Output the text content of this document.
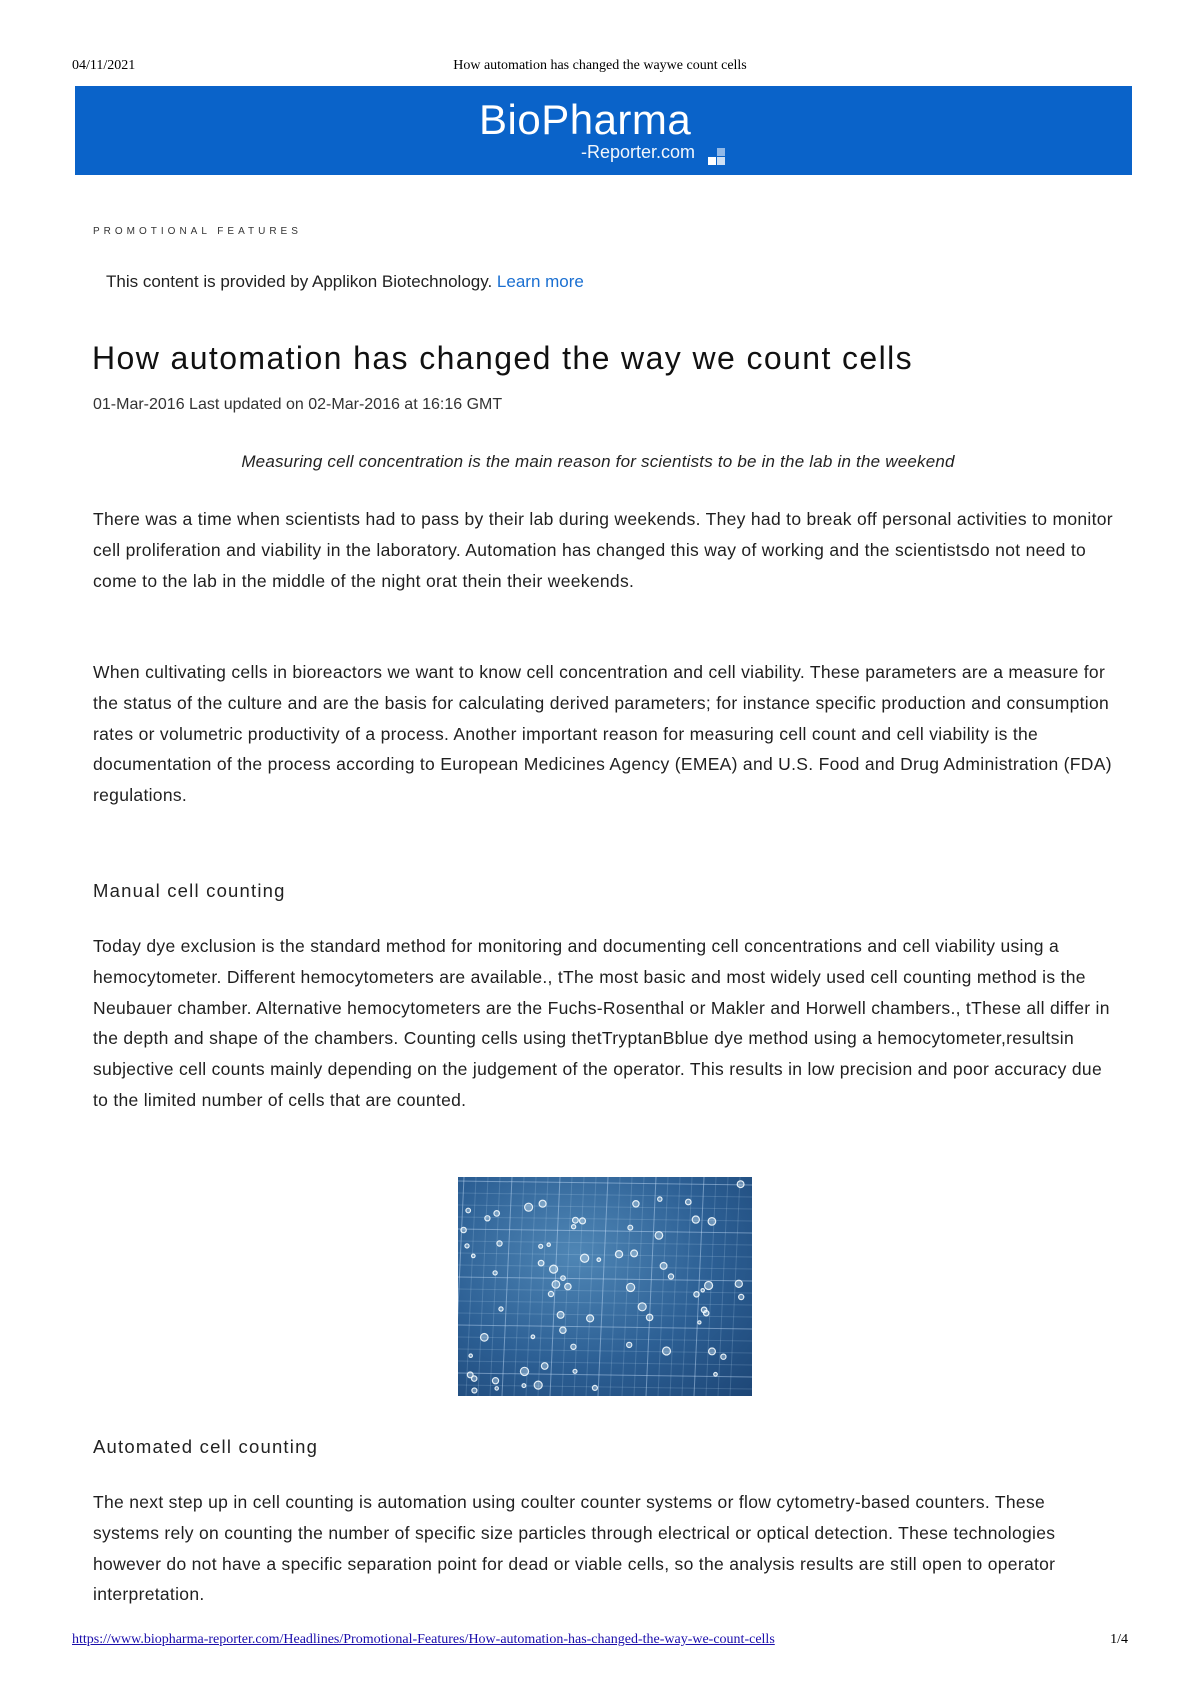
04/11/2021	How automation has changed the waywe count cells
BioPharma
-Reporter.com
PROMOTIONAL FEATURES
This content is provided by Applikon Biotechnology. Learn more
How automation has changed the way we count cells
01-Mar-2016 Last updated on 02-Mar-2016 at 16:16 GMT
Measuring cell concentration is the main reason for scientists to be in the lab in the weekend

There was a time when scientists had to pass by their lab during weekends. They had to break off personal activities to monitor cell proliferation and viability in the laboratory. Automation has changed this way of working and the scientistsdo not need to come to the lab in the middle of the night orat thein their weekends.

When cultivating cells in bioreactors we want to know cell concentration and cell viability. These parameters are a measure for the status of the culture and are the basis for calculating derived parameters; for instance specific production and consumption rates or volumetric productivity of a process. Another important reason for measuring cell count and cell viability is the documentation of the process according to European Medicines Agency (EMEA) and U.S. Food and Drug Administration (FDA) regulations.

Manual cell counting

Today dye exclusion is the standard method for monitoring and documenting cell concentrations and cell viability using a hemocytometer. Different hemocytometers are available., tThe most basic and most widely used cell counting method is the Neubauer chamber. Alternative hemocytometers are the Fuchs-Rosenthal or Makler and Horwell chambers., tThese all differ in the depth and shape of the chambers. Counting cells using thetTryptanBblue dye method using a hemocytometer,resultsin subjective cell counts mainly depending on the judgement of the operator. This results in low precision and poor accuracy due to the limited number of cells that are counted.

Automated cell counting

The next step up in cell counting is automation using coulter counter systems or flow cytometry-based counters. These systems rely on counting the number of specific size particles through electrical or optical detection. These technologies however do not have a specific separation point for dead or viable cells, so the analysis results are still open to operator interpretation.

https://www.biopharma-reporter.com/Headlines/Promotional-Features/How-automation-has-changed-the-way-we-count-cells	1/4
